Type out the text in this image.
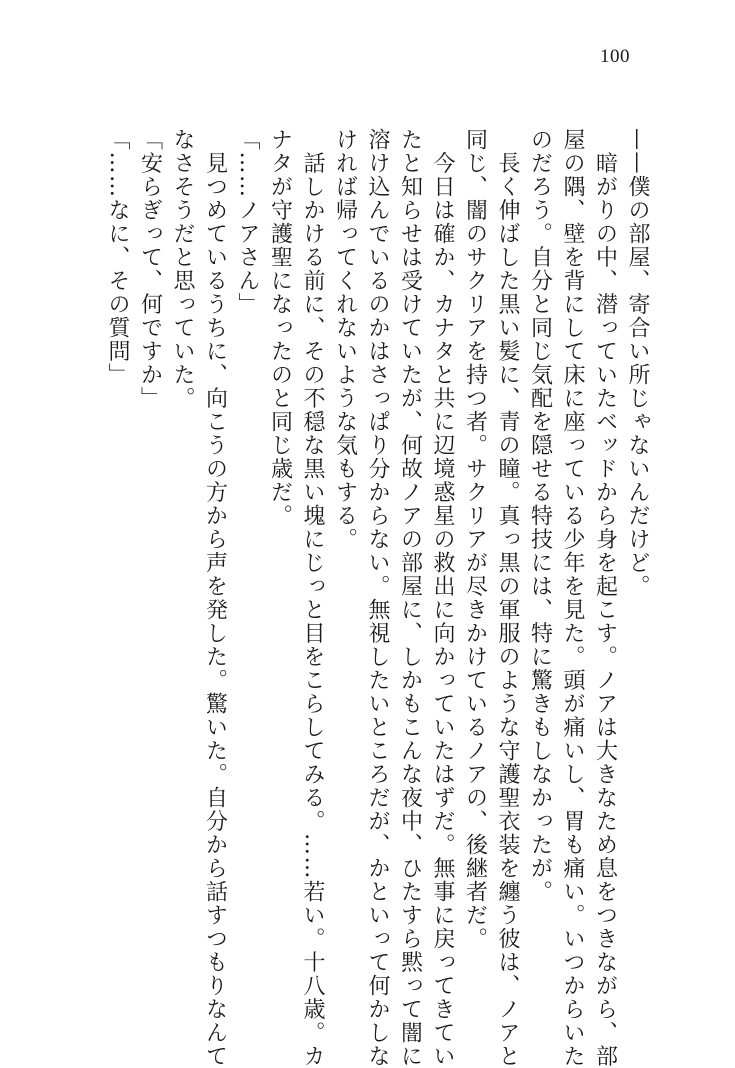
100
——僕の部屋、寄合い所じゃないんだけど。
　暗がりの中、潜っていたベッドから身を起こす。ノアは大きなため息をつきながら、部
屋の隅、壁を背にして床に座っている少年を見た。頭が痛いし、胃も痛い。いつからいた
のだろう。自分と同じ気配を隠せる特技には、特に驚きもしなかったが。
　長く伸ばした黒い髪に、青の瞳。真っ黒の軍服のような守護聖衣装を纏う彼は、ノアと
同じ、闇のサクリアを持つ者。サクリアが尽きかけているノアの、後継者だ。
　今日は確か、カナタと共に辺境惑星の救出に向かっていたはずだ。無事に戻ってきてい
たと知らせは受けていたが、何故ノアの部屋に、しかもこんな夜中、ひたすら黙って闇に
溶け込んでいるのかはさっぱり分からない。無視したいところだが、かといって何かしな
ければ帰ってくれないような気もする。
　話しかける前に、その不穏な黒い塊にじっと目をこらしてみる。……若い。十八歳。カ
ナタが守護聖になったのと同じ歳だ。
「……ノアさん」
　見つめているうちに、向こうの方から声を発した。驚いた。自分から話すつもりなんて
なさそうだと思っていた。
「安らぎって、何ですか」
「……なに、その質問」
